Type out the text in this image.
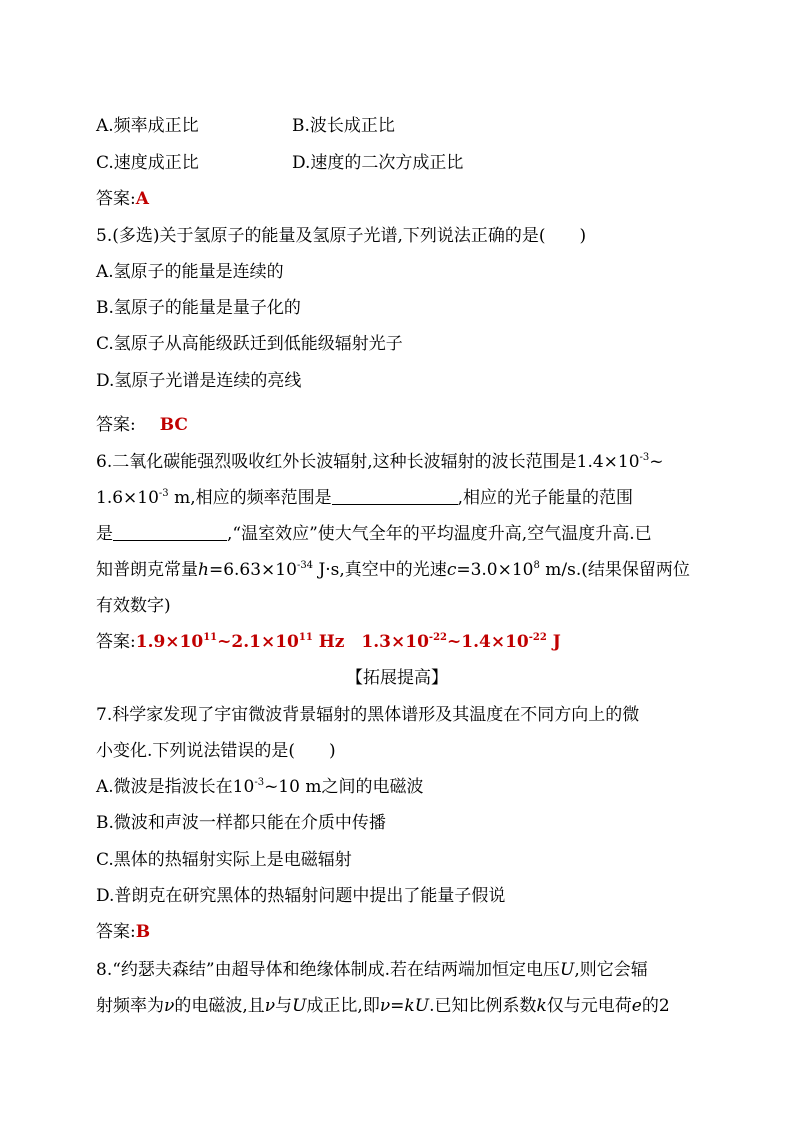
A.频率成正比	B.波长成正比
C.速度成正比	D.速度的二次方成正比
答案:A
5.(多选)关于氢原子的能量及氢原子光谱,下列说法正确的是(　　)
A.氢原子的能量是连续的
B.氢原子的能量是量子化的
C.氢原子从高能级跃迁到低能级辐射光子
D.氢原子光谱是连续的亮线
答案: BC
6.二氧化碳能强烈吸收红外长波辐射,这种长波辐射的波长范围是$1.4\times 10^{-3}\sim$
$1.6\times 10^{-3}$ m,相应的频率范围是	,相应的光子能量的范围
是	,“温室效应”使大气全年的平均温度升高,空气温度升高.已
知普朗克常量$h=6.63\times 10^{-34}$ J·s,真空中的光速$c=3.0\times 10^8$ m/s.(结果保留两位
有效数字)
答案$:1.9\times 10^{11}\sim 2.1\times 10^{11}$ Hz　$1.3\times 10^{-22}\sim 1.4\times 10^{-22}$ J
【拓展提高】
7.科学家发现了宇宙微波背景辐射的黑体谱形及其温度在不同方向上的微
小变化.下列说法错误的是(　　)
A.微波是指波长在$10^{-3}\sim 10$ m之间的电磁波
B.微波和声波一样都只能在介质中传播
C.黑体的热辐射实际上是电磁辐射
D.普朗克在研究黑体的热辐射问题中提出了能量子假说
答案:B
8.“约瑟夫森结”由超导体和绝缘体制成.若在结两端加恒定电压U,则它会辐
射频率为ν的电磁波,且ν与U成正比,即ν=kU.已知比例系数k仅与元电荷e的2
